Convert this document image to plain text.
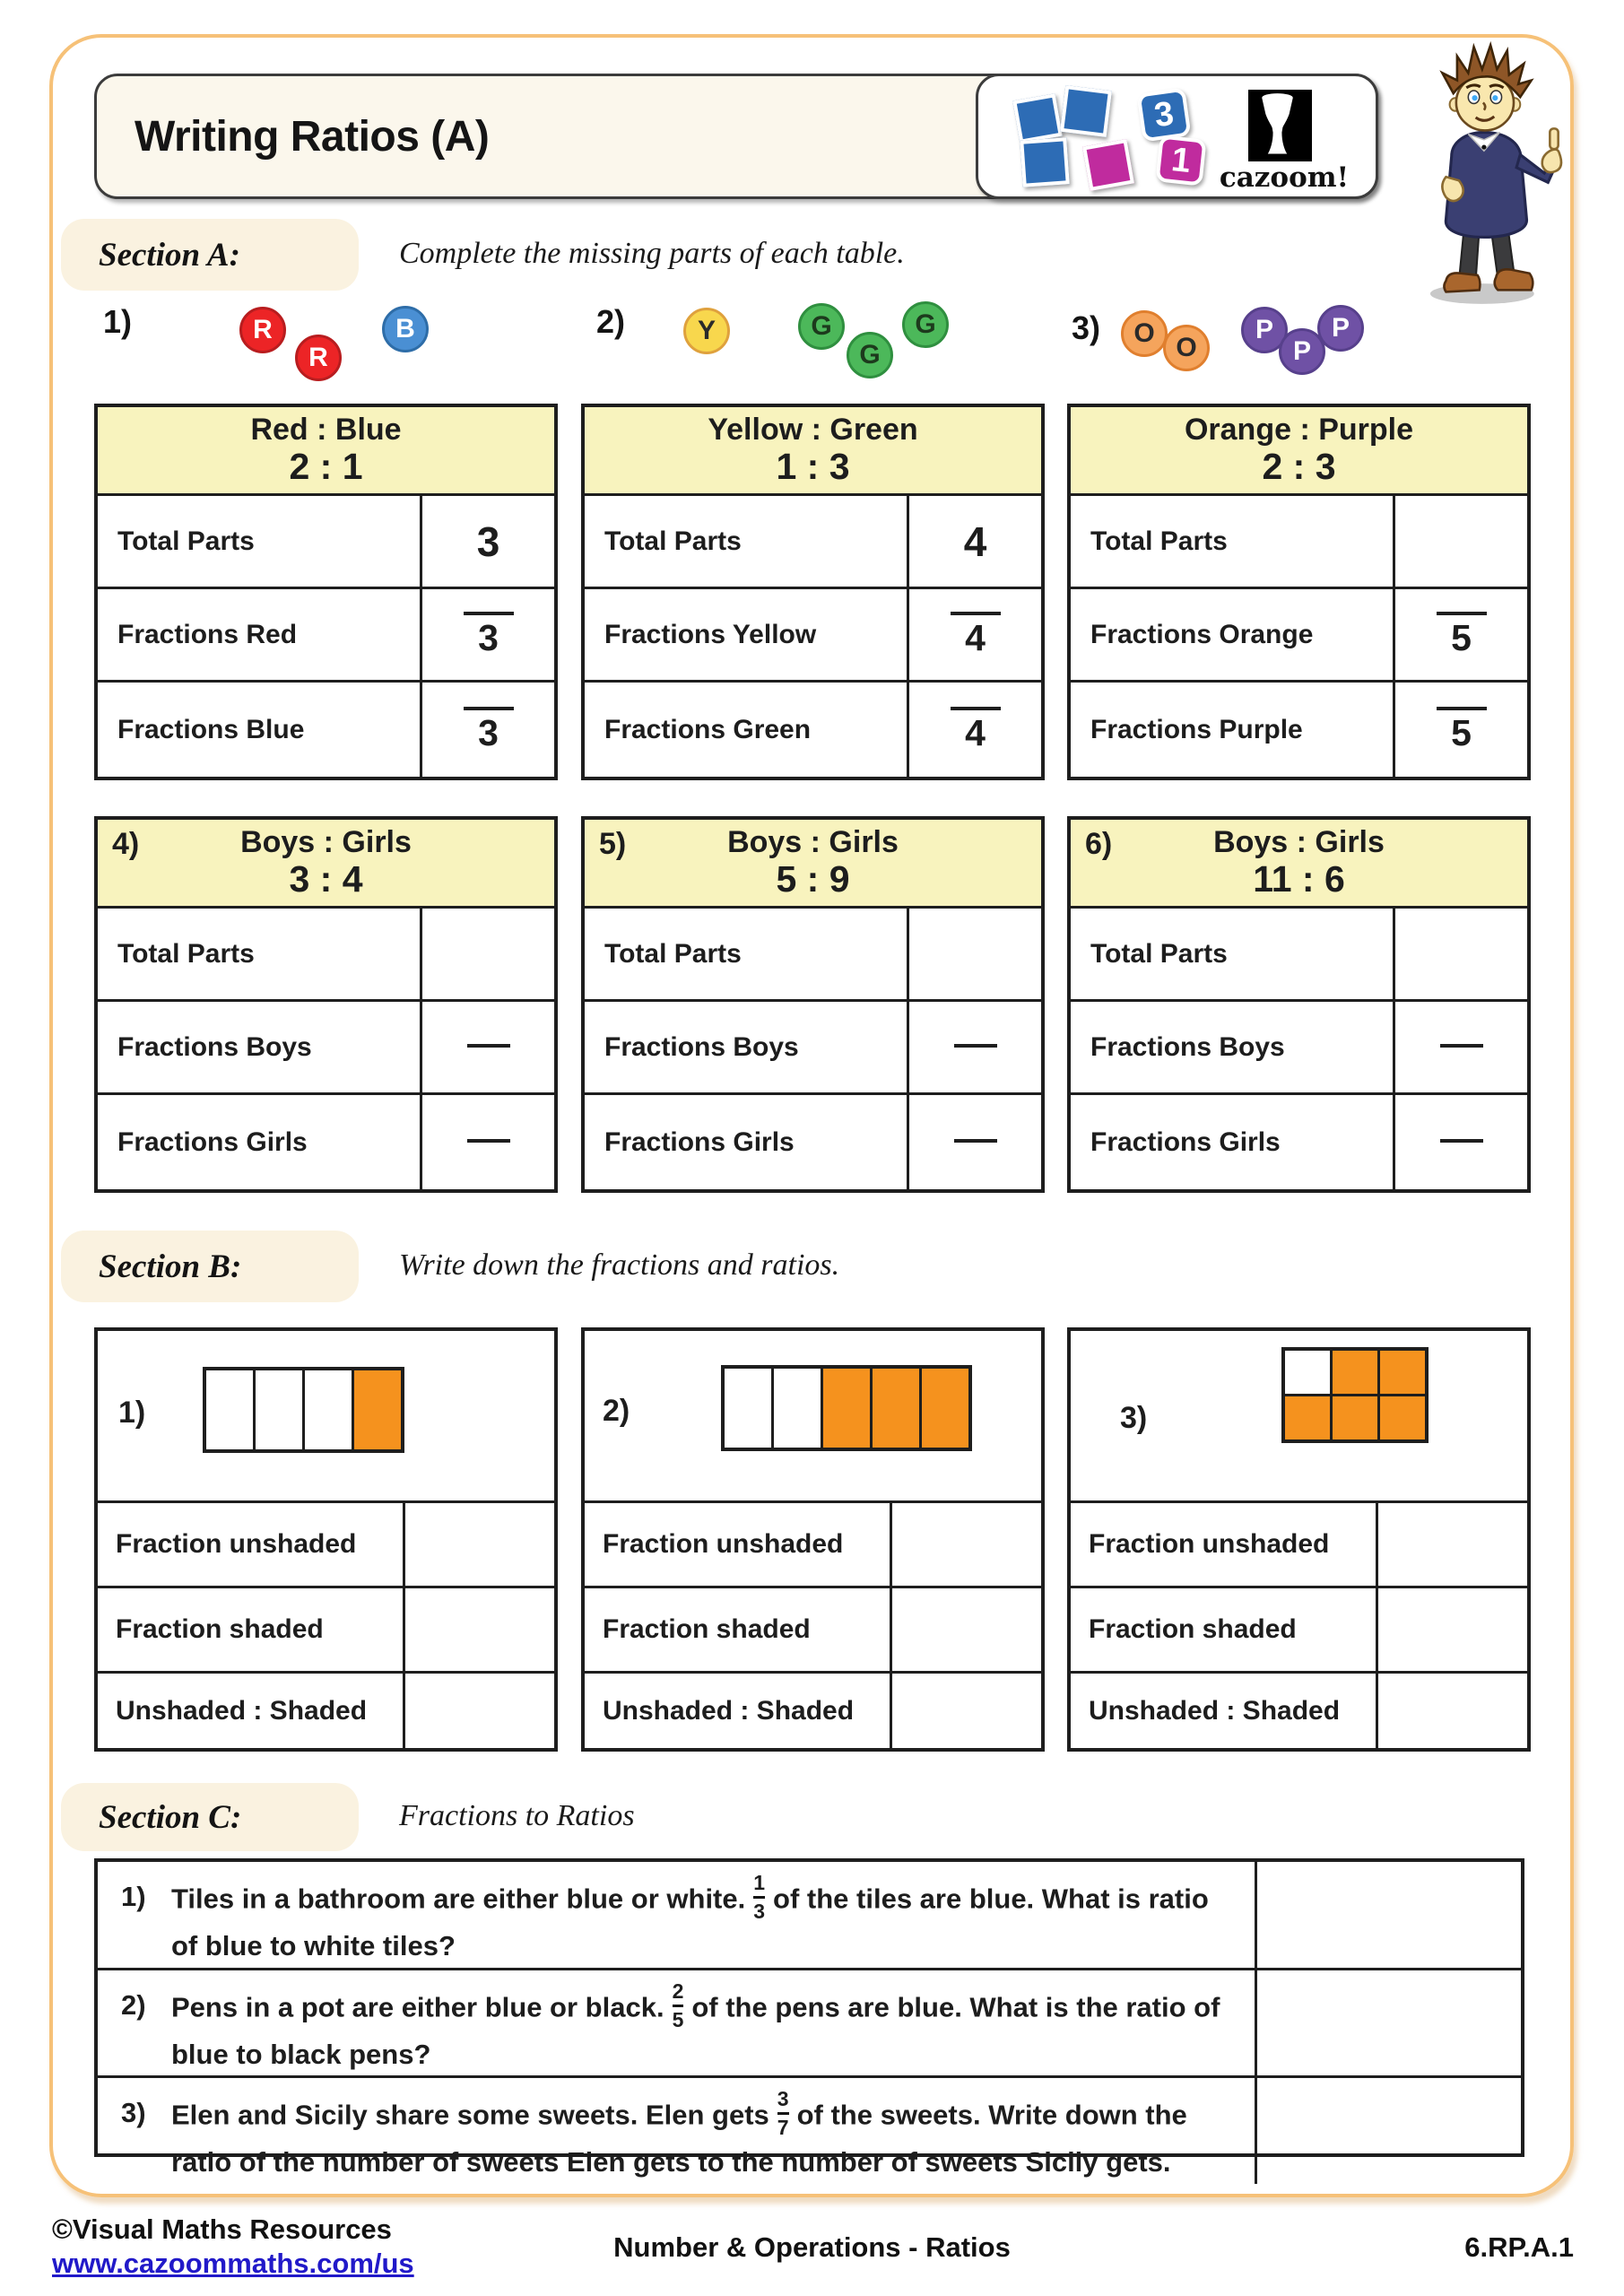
Writing Ratios (A)	3
1 cazoom!
Section A:	Complete the missing parts of each table.
1)	R
R
B	2)	Y	G
G
G	3)	O O
P
P
P
Red : Blue
2 : 1
Total Parts	3
Fractions Red	3
Fractions Blue	3
Yellow : Green
1 : 3
Total Parts	4
Fractions Yellow	4
Fractions Green	4
Orange : Purple
2 : 3
Total Parts
Fractions Orange	5
Fractions Purple	5
4)	Boys : Girls
3 : 4
Total Parts
Fractions Boys
Fractions Girls
5)	Boys : Girls
5 : 9
Total Parts
Fractions Boys
Fractions Girls
6)	Boys : Girls
11 : 6
Total Parts
Fractions Boys
Fractions Girls
Section B:	Write down the fractions and ratios.
1)
Fraction unshaded
Fraction shaded
Unshaded : Shaded
2)
Fraction unshaded
Fraction shaded
Unshaded : Shaded
3)
Fraction unshaded
Fraction shaded
Unshaded : Shaded
Section C:	Fractions to Ratios
1) Tiles in a bathroom are either blue or white. $\frac{1}{3}$ of the tiles are blue. What is ratio of blue to white tiles?
2) Pens in a pot are either blue or black. $\frac{2}{5}$ of the pens are blue. What is the ratio of blue to black pens?
3) Elen and Sicily share some sweets. Elen gets $\frac{3}{7}$ of the sweets. Write down the ratio of the number of sweets Elen gets to the number of sweets Sicily gets.
©Visual Maths Resources
www.cazoommaths.com/us
Number & Operations - Ratios	6.RP.A.1
